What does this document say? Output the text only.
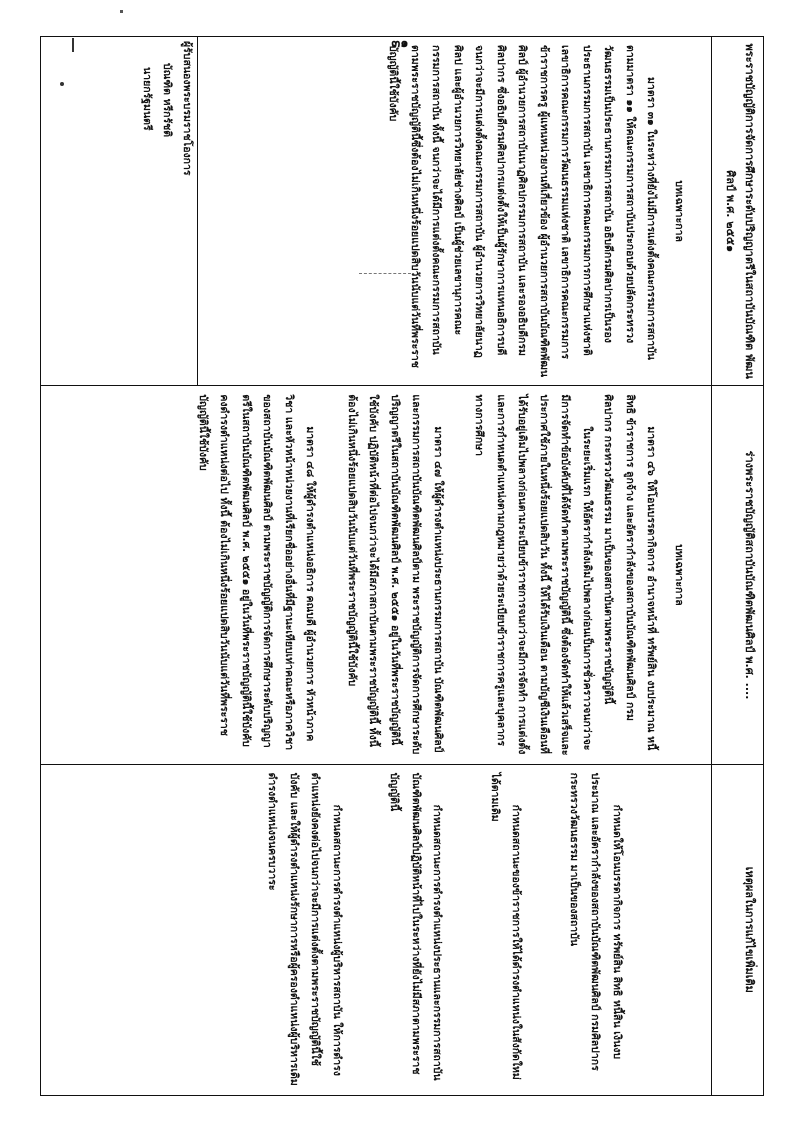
๓๑	พระราชบัญญัติการจัดการศึกษาระดับปริญญาตรีในสถาบันบัณฑิต พัฒนศิลป์ พ.ศ. ๒๕๕๑
บทเฉพาะกาล

มาตรา ๓๑ ในระหว่างที่ยังไม่มีการแต่งตั้งคณะกรรมการสถาบันตามมาตรา ๑๑ ให้คณะกรรมการสถาบันประกอบด้วยปลัดกระทรวงวัฒนธรรมเป็นประธานกรรมการสถาบัน อธิบดีกรมศิลปากรเป็นรองประธานกรรมการสถาบัน เลขาธิการคณะกรรมการการศึกษาแห่งชาติ เลขาธิการคณะกรรมการวัฒนธรรมแห่งชาติ เลขาธิการคณะกรรมการข้าราชการครู ผู้แทนหน่วยงานที่เกี่ยวข้อง ผู้อำนวยการสถาบันบัณฑิตพัฒนศิลป์ ผู้อำนวยการสถาบันนาฏศิลปกรรมการสถาบัน และรองอธิบดีกรมศิลปากร ซึ่งอธิบดีกรมศิลปากรแต่งตั้งให้เป็นผู้รักษาการแทนอธิการบดีจนกว่าจะมีการแต่งตั้งคณะกรรมการสถาบัน ผู้อำนวยการวิทยาลัยนาฏศิลป และผู้อำนวยการวิทยาลัยช่างศิลป์ เป็นผู้ช่วยเลขานุการคณะกรรมการสถาบัน ทั้งนี้ จนกว่าจะได้มีการแต่งตั้งคณะกรรมการสถาบันตามพระราชบัญญัตินี้ซึ่งต้องไม่เกินหนึ่งร้อยแปดสิบวันนับแต่วันที่พระราชบัญญัตินี้ใช้บังคับ

ผู้รับสนองพระบรมราชโองการ
บัณฑิต หรีกรัชติ
นายกรัฐมนตรี
ร่างพระราชบัญญัติสถาบันบัณฑิตพัฒนศิลป์ พ.ศ. ....
บทเฉพาะกาล

มาตรา ๔๖ ให้โอนบรรดากิจการ อำนาจหน้าที่ ทรัพย์สิน งบประมาณ หนี้ สิทธิ ข้าราชการ ลูกจ้าง และอัตรากำลังของสถาบันบัณฑิตพัฒนศิลป์ กรมศิลปากร กระทรวงวัฒนธรรม มาเป็นของสถาบันตามพระราชบัญญัตินี้

ในระยะเริ่มแรก ให้อัตรากำลังเดิมไปพลางก่อนเป็นการชั่วคราวจนกว่าจะมีการจัดทำข้อบังคับที่ได้จัดทำตามพระราชบัญญัตินี้ ซึ่งต้องจัดทำให้แล้วเสร็จและประกาศใช้ภายในหนึ่งร้อยแปดสิบวัน ทั้งนี้ ให้ได้รับเงินเดือน ตามบัญชีเงินเดือนที่ได้รับอยู่เดิมไปพลางก่อนตามระเบียบข้าราชการจนกว่าจะมีการจัดทำ การแต่งตั้งและการกำหนดตำแหน่งตามกฎหมายว่าด้วยระเบียบข้าราชการครูและบุคลากรทางการศึกษา

มาตรา ๔๗ ให้ผู้ดำรงตำแหน่งประธานกรรมการสถาบัน บัณฑิตพัฒนศิลป์และกรรมการสถาบันบัณฑิตพัฒนศิลป์ตาม พระราชบัญญัติการจัดการศึกษาระดับปริญญาตรีในสถาบันบัณฑิตพัฒนศิลป์ พ.ศ. ๒๕๕๑ อยู่ในวันที่พระราชบัญญัตินี้ใช้บังคับ ปฏิบัติหน้าที่ต่อไปจนกว่าจะได้มีสภาสถาบันตามพระราชบัญญัตินี้ ทั้งนี้ ต้องไม่เกินหนึ่งร้อยแปดสิบวันนับแต่วันที่พระราชบัญญัตินี้ใช้บังคับ

มาตรา ๔๘ ให้ผู้ดำรงตำแหน่งอธิการ คณบดี ผู้อำนวยการ หัวหน้าภาควิชา และหัวหน้าหน่วยงานที่เรียกชื่ออย่างอื่นที่มีฐานะเทียบเท่าคณะหรือภาควิชาของสถาบันบัณฑิตพัฒนศิลป์ ตามพระราชบัญญัติการจัดการศึกษาระดับปริญญาตรีในสถาบันบัณฑิตพัฒนศิลป์ พ.ศ. ๒๕๕๑ อยู่ในวันที่พระราชบัญญัตินี้ใช้บังคับ คงดำรงตำแหน่งต่อไป ทั้งนี้ ต้องไม่เกินหนึ่งร้อยแปดสิบวันนับแต่วันที่พระราชบัญญัตินี้ใช้บังคับ

เหตุผลในการแก้ไขเพิ่มเติม

กำหนดให้โอนบรรดากิจการ ทรัพย์สิน สิทธิ หนี้สิน เงินงบประมาณ และอัตรากำลังของสถาบันบัณฑิตพัฒนศิลป์ กรมศิลปากร กระทรวงวัฒนธรรม มาเป็นของสถาบัน

กำหนดสถานะของข้าราชการให้ได้ดำรงตำแหน่งในสังกัดใหม่ได้ตามเดิม

กำหนดสถานะการดำรงตำแหน่งประธานและกรรมการสถาบันบัณฑิตพัฒนศิลป์ปฏิบัติหน้าที่ไปในระหว่างที่ยังไม่มีสภาตามพระราชบัญญัตินี้

กำหนดสถานะการดำรงตำแหน่งผู้บริหารสถาบัน ให้การดำรงตำแหน่งยังคงต่อไปจนกว่าจะมีการแต่งตั้งตามพระราชบัญญัตินี้ใช้บังคับ และให้ผู้ดำรงตำแหน่งรักษาการหรือผู้ครองตำแหน่งผู้บริหารเดิมดำรงตำแหน่งจนครบวาระ
